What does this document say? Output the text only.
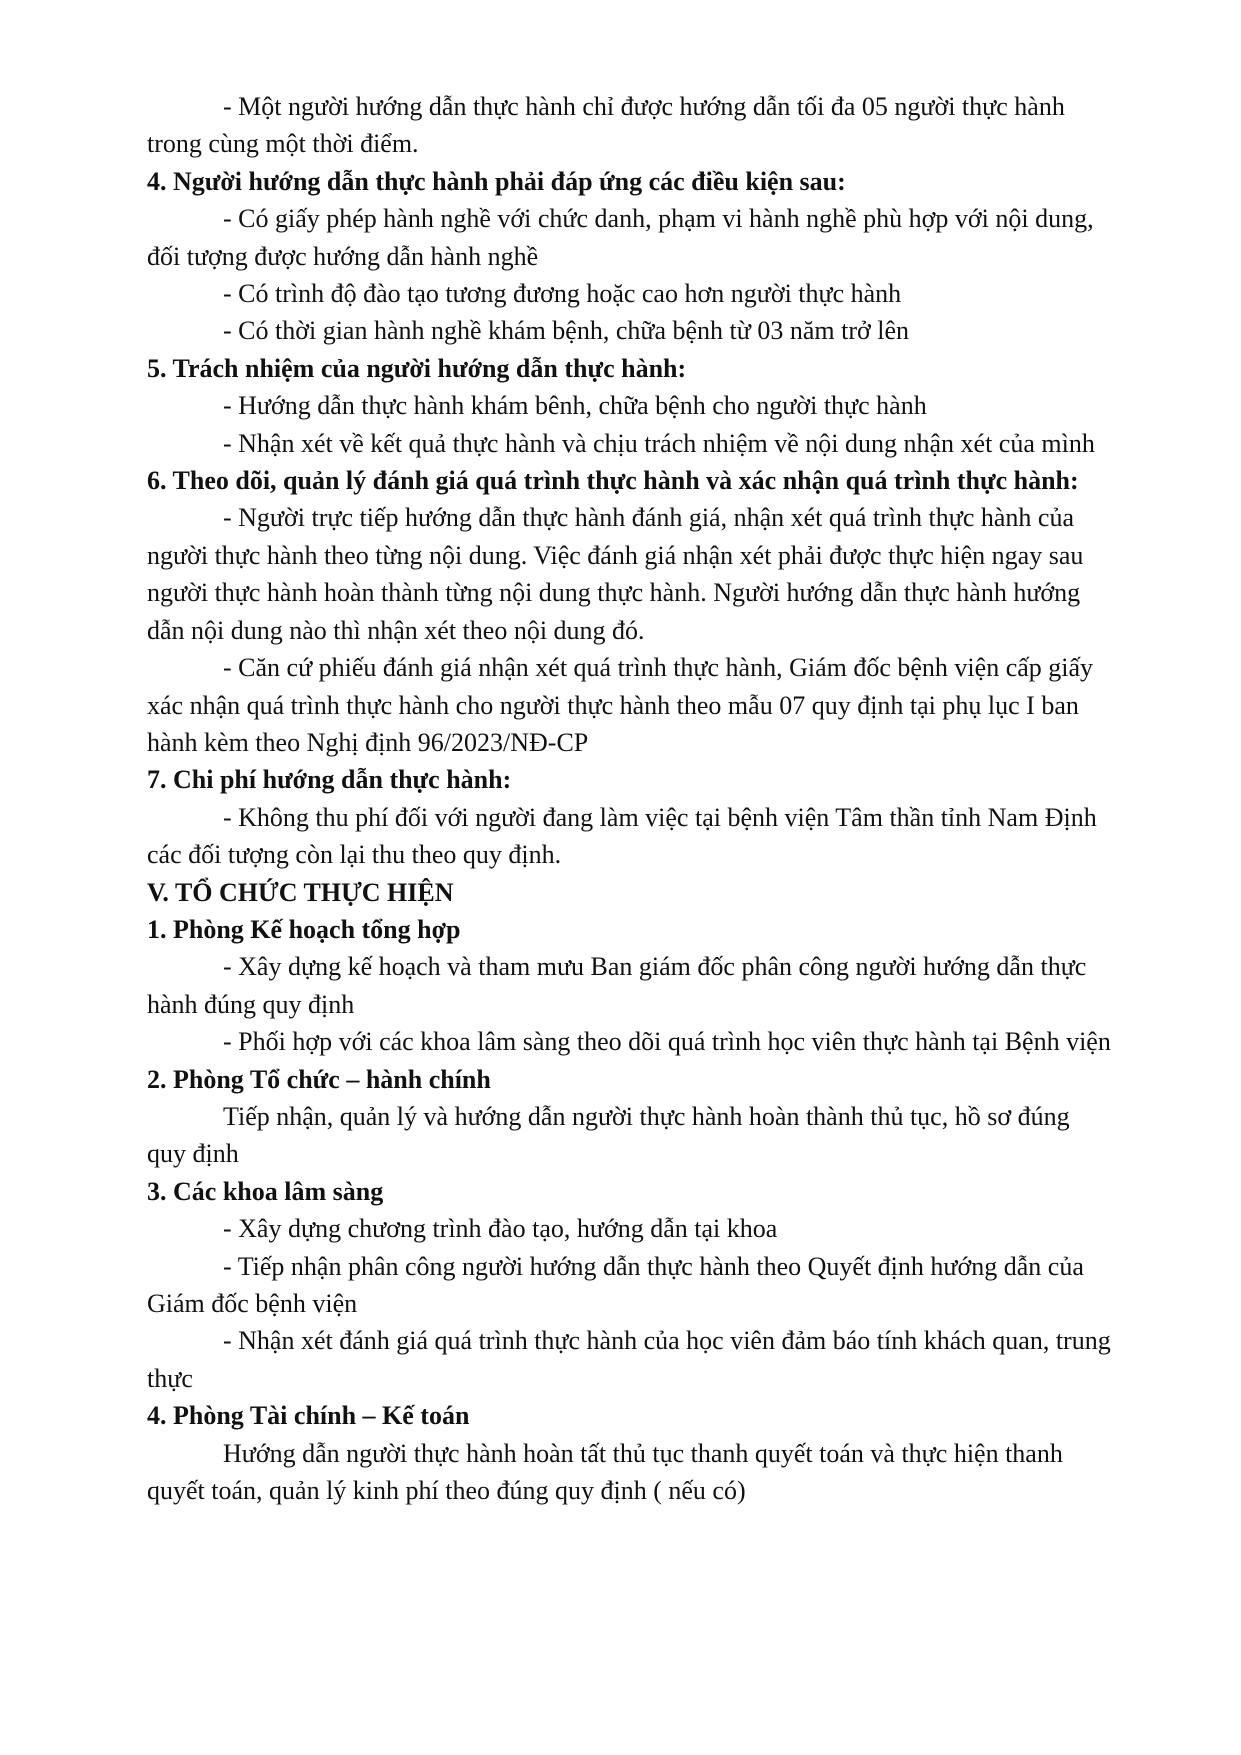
- Một người hướng dẫn thực hành chỉ được hướng dẫn tối đa 05 người thực hành trong cùng một thời điểm.

4. Người hướng dẫn thực hành phải đáp ứng các điều kiện sau:

- Có giấy phép hành nghề với chức danh, phạm vi hành nghề phù hợp với nội dung, đối tượng được hướng dẫn hành nghề

- Có trình độ đào tạo tương đương hoặc cao hơn người thực hành

- Có thời gian hành nghề khám bệnh, chữa bệnh từ 03 năm trở lên

5. Trách nhiệm của người hướng dẫn thực hành:

- Hướng dẫn thực hành khám bênh, chữa bệnh cho người thực hành

- Nhận xét về kết quả thực hành và chịu trách nhiệm về nội dung nhận xét của mình

6. Theo dõi, quản lý đánh giá quá trình thực hành và xác nhận quá trình thực hành:

- Người trực tiếp hướng dẫn thực hành đánh giá, nhận xét quá trình thực hành của người thực hành theo từng nội dung. Việc đánh giá nhận xét phải được thực hiện ngay sau người thực hành hoàn thành từng nội dung thực hành. Người hướng dẫn thực hành hướng dẫn nội dung nào thì nhận xét theo nội dung đó.

- Căn cứ phiếu đánh giá nhận xét quá trình thực hành, Giám đốc bệnh viện cấp giấy xác nhận quá trình thực hành cho người thực hành theo mẫu 07 quy định tại phụ lục I ban hành kèm theo Nghị định 96/2023/NĐ-CP

7. Chi phí hướng dẫn thực hành:

- Không thu phí đối với người đang làm việc tại bệnh viện Tâm thần tỉnh Nam Định các đối tượng còn lại thu theo quy định.

V. TỔ CHỨC THỰC HIỆN

1. Phòng Kế hoạch tổng hợp

- Xây dựng kế hoạch và tham mưu Ban giám đốc phân công người hướng dẫn thực hành đúng quy định

- Phối hợp với các khoa lâm sàng theo dõi quá trình học viên thực hành tại Bệnh viện

2. Phòng Tổ chức – hành chính

Tiếp nhận, quản lý và hướng dẫn người thực hành hoàn thành thủ tục, hồ sơ đúng quy định

3. Các khoa lâm sàng

- Xây dựng chương trình đào tạo, hướng dẫn tại khoa

- Tiếp nhận phân công người hướng dẫn thực hành theo Quyết định hướng dẫn của Giám đốc bệnh viện

- Nhận xét đánh giá quá trình thực hành của học viên đảm báo tính khách quan, trung thực

4. Phòng Tài chính – Kế toán

Hướng dẫn người thực hành hoàn tất thủ tục thanh quyết toán và thực hiện thanh quyết toán, quản lý kinh phí theo đúng quy định ( nếu có)
